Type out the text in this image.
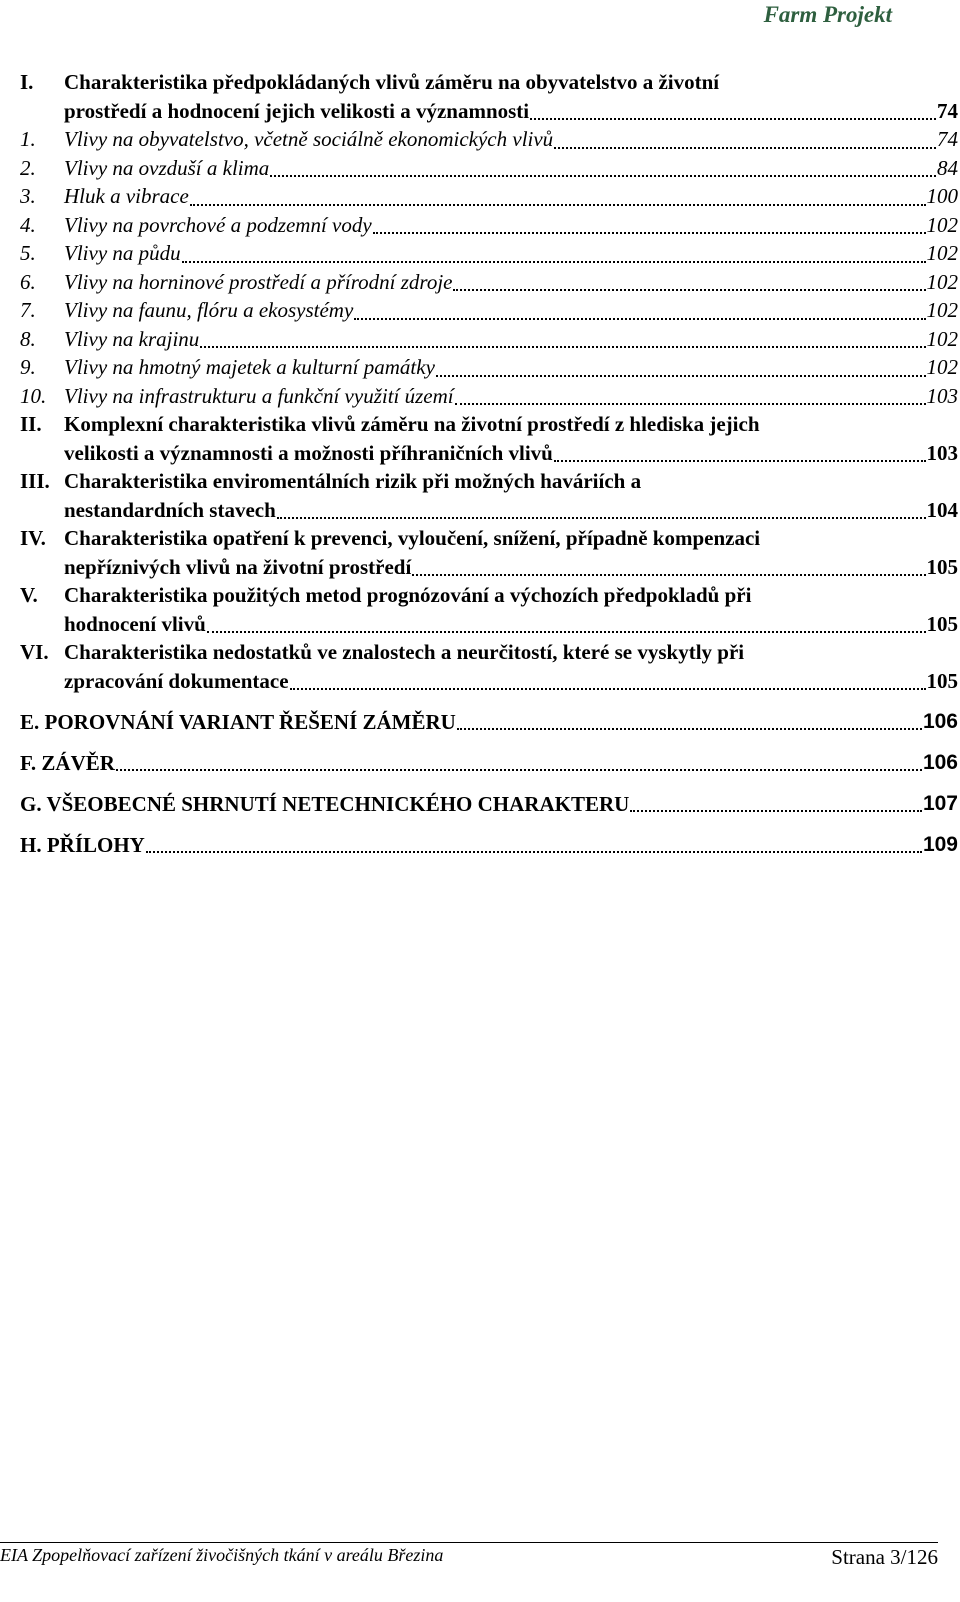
Farm Projekt
I.	Charakteristika předpokládaných vlivů záměru na obyvatelstvo a životní
prostředí a hodnocení jejich velikosti a významnosti	74
1.	Vlivy na obyvatelstvo, včetně sociálně ekonomických vlivů	74
2.	Vlivy na ovzduší a klima	84
3.	Hluk a vibrace	100
4.	Vlivy na povrchové a podzemní vody	102
5.	Vlivy na půdu	102
6.	Vlivy na horninové prostředí a přírodní zdroje	102
7.	Vlivy na faunu, flóru a ekosystémy	102
8.	Vlivy na krajinu	102
9.	Vlivy na hmotný majetek a kulturní památky	102
10. Vlivy na infrastrukturu a funkční využití území	103
II.	Komplexní charakteristika vlivů záměru na životní prostředí z hlediska jejich
velikosti a významnosti a možnosti příhraničních vlivů	103
III. Charakteristika enviromentálních rizik při možných haváriích a
nestandardních stavech	104
IV. Charakteristika opatření k prevenci, vyloučení, snížení, případně kompenzaci
nepříznivých vlivů na životní prostředí	105
V.	Charakteristika použitých metod prognózování a výchozích předpokladů při
hodnocení vlivů	105
VI. Charakteristika nedostatků ve znalostech a neurčitostí, které se vyskytly při
zpracování dokumentace	105
E. POROVNÁNÍ VARIANT ŘEŠENÍ ZÁMĚRU	106
F. ZÁVĚR	106
G. VŠEOBECNÉ SHRNUTÍ NETECHNICKÉHO CHARAKTERU	107
H. PŘÍLOHY	109
EIA Zpopelňovací zařízení živočišných tkání v areálu Březina	Strana 3/126
